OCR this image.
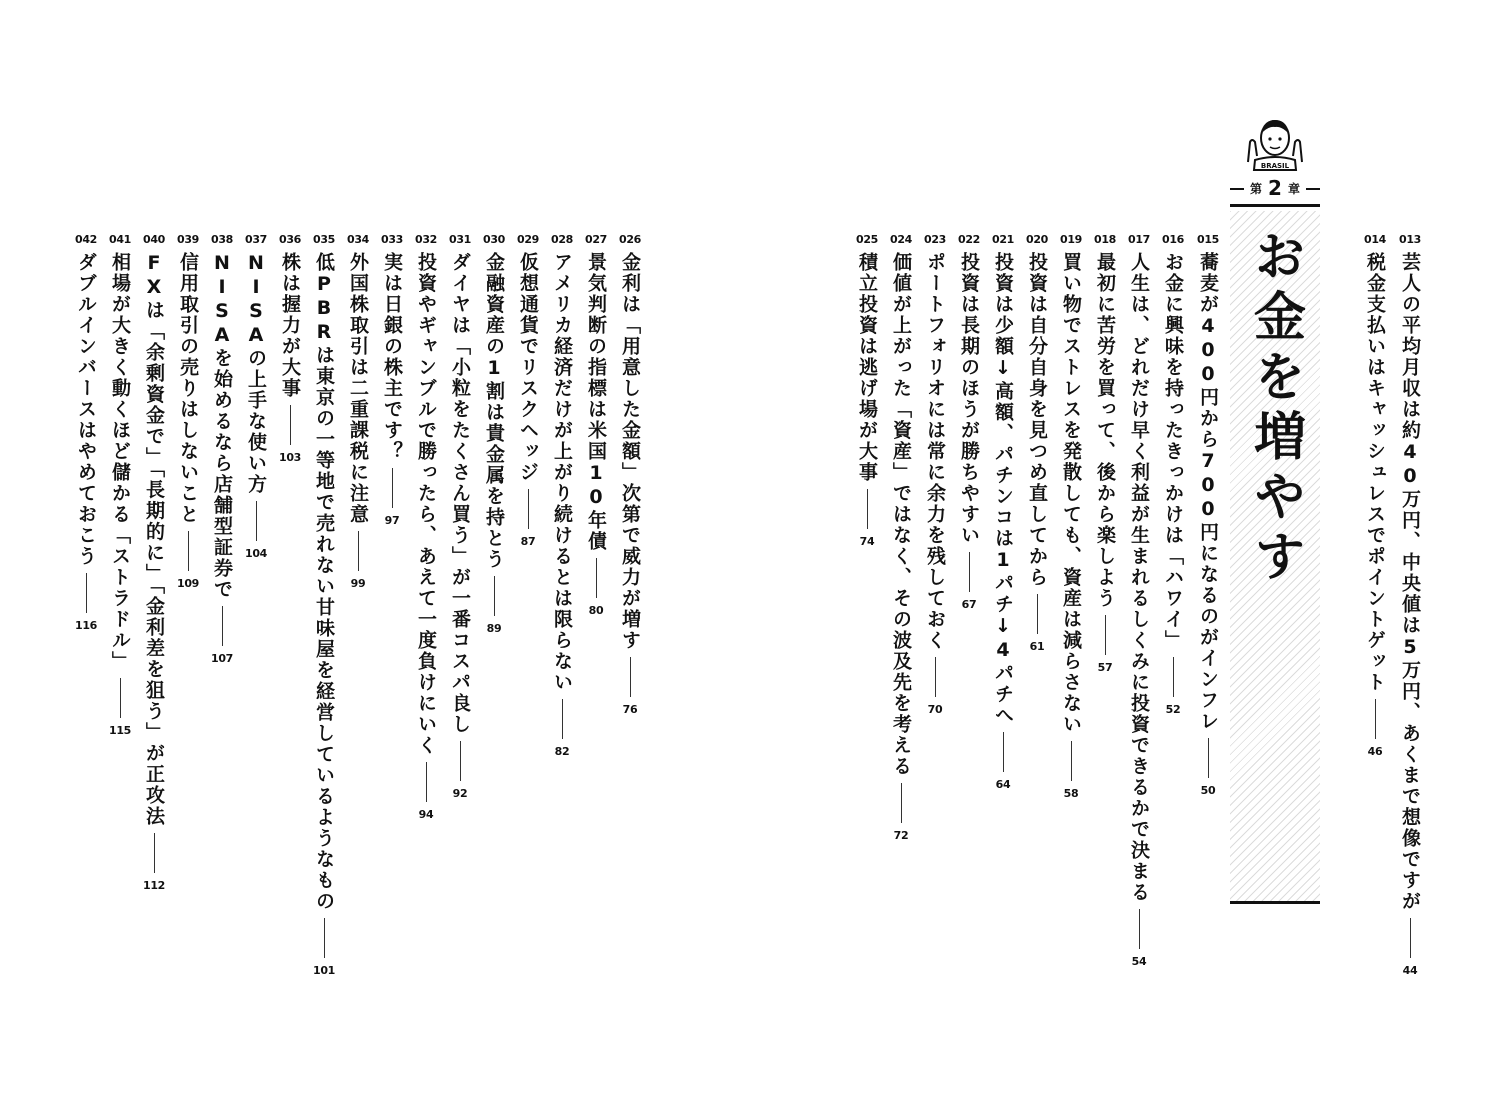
BRASIL
第 2 章
お金を増やす	013
芸人の平均月収は約40万円、中央値は5万円、あくまで想像ですが
44
014
税金支払いはキャッシュレスでポイントゲット
46
015
蕎麦が400円から700円になるのがインフレ
50
016
お金に興味を持ったきっかけは「ハワイ」
52
017
人生は、どれだけ早く利益が生まれるしくみに投資できるかで決まる
54
018
最初に苦労を買って、後から楽しよう
57
019
買い物でストレスを発散しても、資産は減らさない
58
020
投資は自分自身を見つめ直してから
61
021
投資は少額↓高額、パチンコは1パチ↓4パチへ
64
022
投資は長期のほうが勝ちやすい
67
023
ポートフォリオには常に余力を残しておく
70
024
価値が上がった「資産」ではなく、その波及先を考える
72
025
積立投資は逃げ場が大事
74
026
金利は「用意した金額」次第で威力が増す
76
027
景気判断の指標は米国10年債
80
028
アメリカ経済だけが上がり続けるとは限らない
82
029
仮想通貨でリスクヘッジ
87
030
金融資産の1割は貴金属を持とう
89
031
ダイヤは「小粒をたくさん買う」が一番コスパ良し
92
032
投資やギャンブルで勝ったら、あえて一度負けにいく
94
033
実は日銀の株主です？
97
034
外国株取引は二重課税に注意
99
035
低PBRは東京の一等地で売れない甘味屋を経営しているようなもの
101
036
株は握力が大事
103
037
NISAの上手な使い方
104
038
NISAを始めるなら店舗型証券で
107
039
信用取引の売りはしないこと
109
040
FXは「余剰資金で」「長期的に」「金利差を狙う」が正攻法
112
041
相場が大きく動くほど儲かる「ストラドル」
115
042
ダブルインバースはやめておこう
116
